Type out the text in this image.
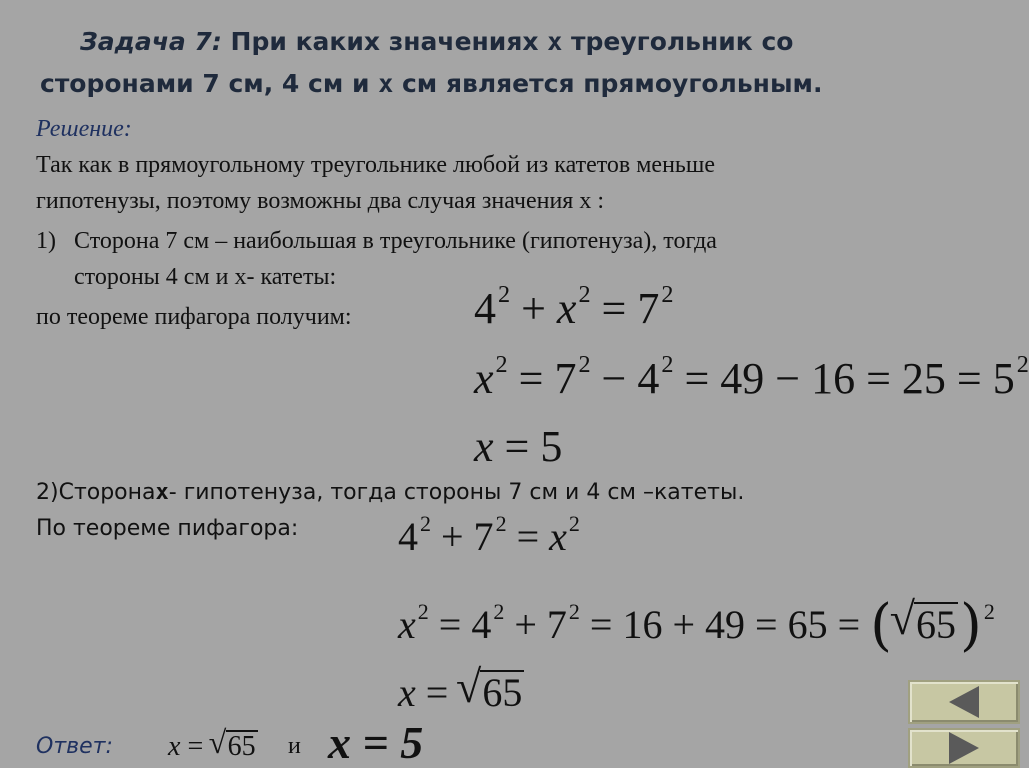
Задача 7: При каких значениях x треугольник со
сторонами 7 см, 4 см и x см является прямоугольным.
Решение:
Так как в прямоугольному треугольнике любой из катетов меньше
гипотенузы, поэтому возможны два случая значения x :
1) Сторона 7 см – наибольшая в треугольнике (гипотенуза), тогда
стороны 4 см и x- катеты:
по теореме пифагора получим:	$4^2 + x^2 = 7^2$
$x^2 = 7^2 - 4^2 = 49 - 16 = 25 = 5^2$
x = 5
2)Сторонаx- гипотенуза, тогда стороны 7 см и 4 см –катеты.
По теореме пифагора: $4^2 + 7^2 = x^2$
$x^2 = 4^2 + 7^2 = 16 + 49 = 65$ = (√ 65)$^2$
x = √ 65
Ответ: x = √ 65 и x = 5
